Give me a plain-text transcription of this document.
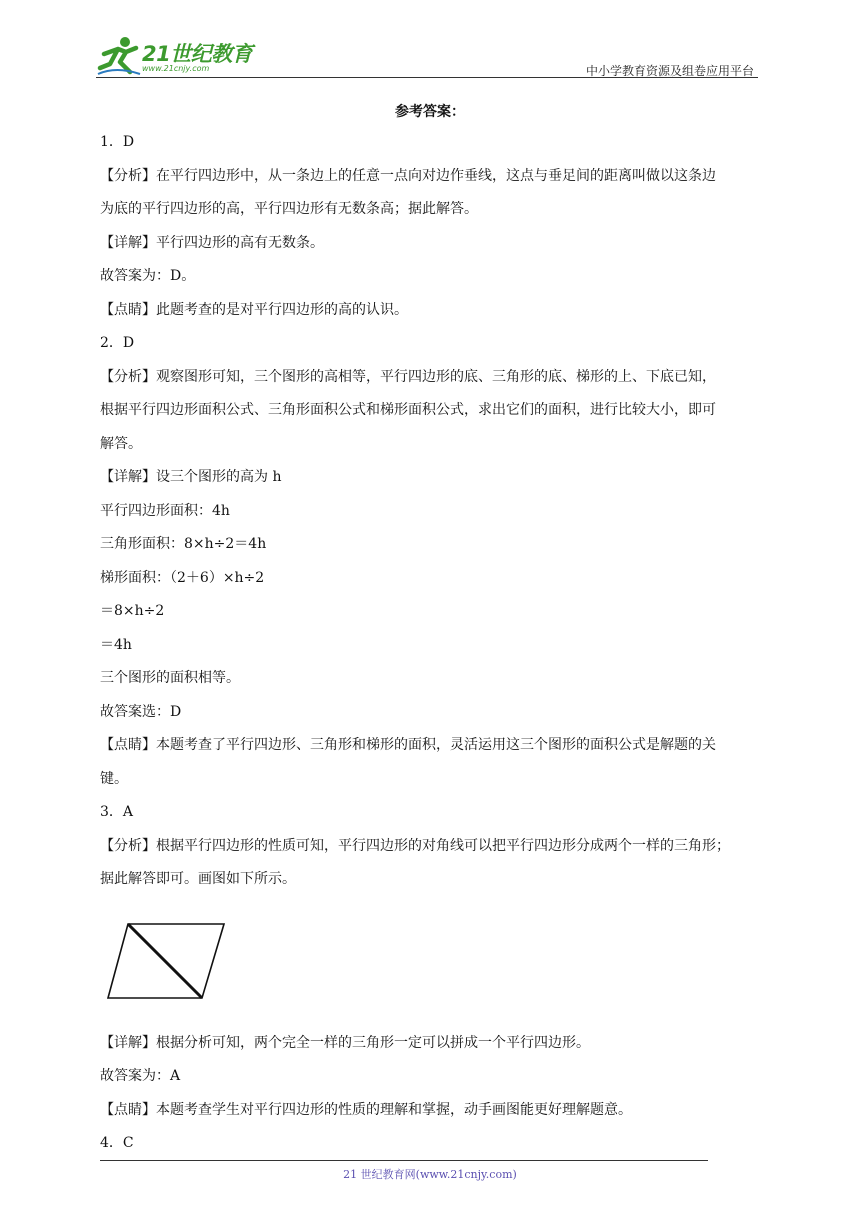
21世纪教育
www.21cnjy.com	中小学教育资源及组卷应用平台
参考答案：
1．D
【分析】在平行四边形中，从一条边上的任意一点向对边作垂线，这点与垂足间的距离叫做以这条边
为底的平行四边形的高，平行四边形有无数条高；据此解答。
【详解】平行四边形的高有无数条。
故答案为：D。
【点睛】此题考查的是对平行四边形的高的认识。
2．D
【分析】观察图形可知，三个图形的高相等，平行四边形的底、三角形的底、梯形的上、下底已知，
根据平行四边形面积公式、三角形面积公式和梯形面积公式，求出它们的面积，进行比较大小，即可
解答。
【详解】设三个图形的高为 h
平行四边形面积：4h
三角形面积：8×h÷2＝4h
梯形面积：（2＋6）×h÷2
＝8×h÷2
＝4h
三个图形的面积相等。
故答案选：D
【点睛】本题考查了平行四边形、三角形和梯形的面积，灵活运用这三个图形的面积公式是解题的关
键。
3．A
【分析】根据平行四边形的性质可知，平行四边形的对角线可以把平行四边形分成两个一样的三角形；
据此解答即可。画图如下所示。
【详解】根据分析可知，两个完全一样的三角形一定可以拼成一个平行四边形。
故答案为：A
【点睛】本题考查学生对平行四边形的性质的理解和掌握，动手画图能更好理解题意。
4．C
21 世纪教育网(www.21cnjy.com)
